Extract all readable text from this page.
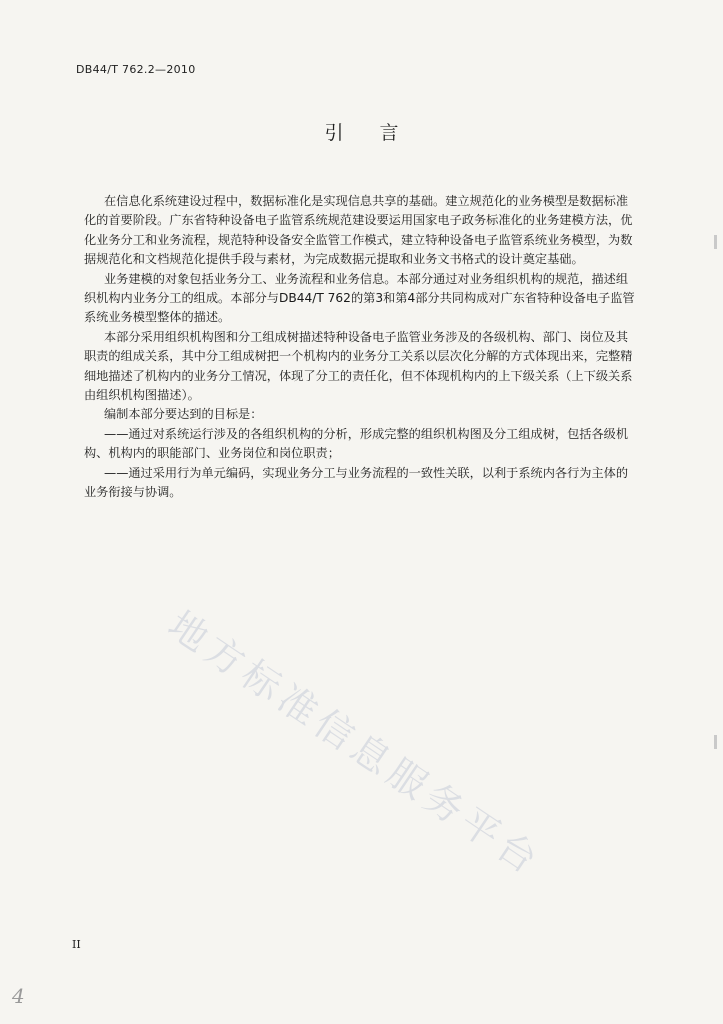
DB44/T 762.2—2010
引言
在信息化系统建设过程中，数据标准化是实现信息共享的基础。建立规范化的业务模型是数据标准
化的首要阶段。广东省特种设备电子监管系统规范建设要运用国家电子政务标准化的业务建模方法，优
化业务分工和业务流程，规范特种设备安全监管工作模式，建立特种设备电子监管系统业务模型，为数
据规范化和文档规范化提供手段与素材，为完成数据元提取和业务文书格式的设计奠定基础。
业务建模的对象包括业务分工、业务流程和业务信息。本部分通过对业务组织机构的规范，描述组
织机构内业务分工的组成。本部分与DB44/T 762的第3和第4部分共同构成对广东省特种设备电子监管
系统业务模型整体的描述。
本部分采用组织机构图和分工组成树描述特种设备电子监管业务涉及的各级机构、部门、岗位及其
职责的组成关系，其中分工组成树把一个机构内的业务分工关系以层次化分解的方式体现出来，完整精
细地描述了机构内的业务分工情况，体现了分工的责任化，但不体现机构内的上下级关系（上下级关系
由组织机构图描述）。
编制本部分要达到的目标是：
——通过对系统运行涉及的各组织机构的分析，形成完整的组织机构图及分工组成树，包括各级机
构、机构内的职能部门、业务岗位和岗位职责；
——通过采用行为单元编码，实现业务分工与业务流程的一致性关联，以利于系统内各行为主体的
业务衔接与协调。
地方标准信息服务平台
II
4
